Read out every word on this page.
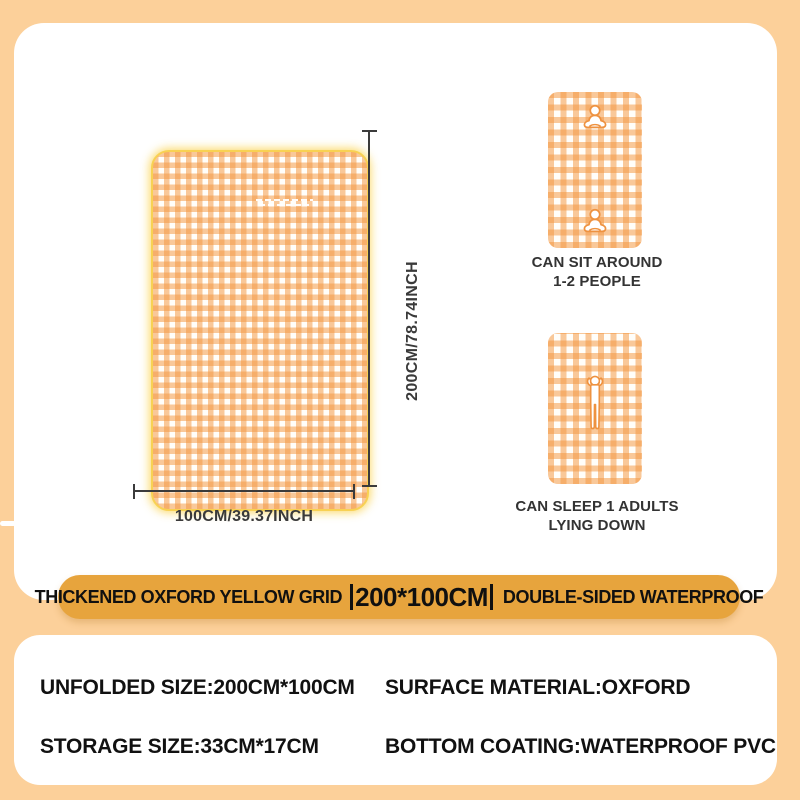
200CM/78.74INCH
100CM/39.37INCH
CAN SIT AROUND
1-2 PEOPLE
CAN SLEEP 1 ADULTS
LYING DOWN
THICKENED OXFORD YELLOW GRID 200*100CM DOUBLE-SIDED WATERPROOF
UNFOLDED SIZE:200CM*100CM SURFACE MATERIAL:OXFORD
STORAGE SIZE:33CM*17CM	BOTTOM COATING:WATERPROOF PVC
